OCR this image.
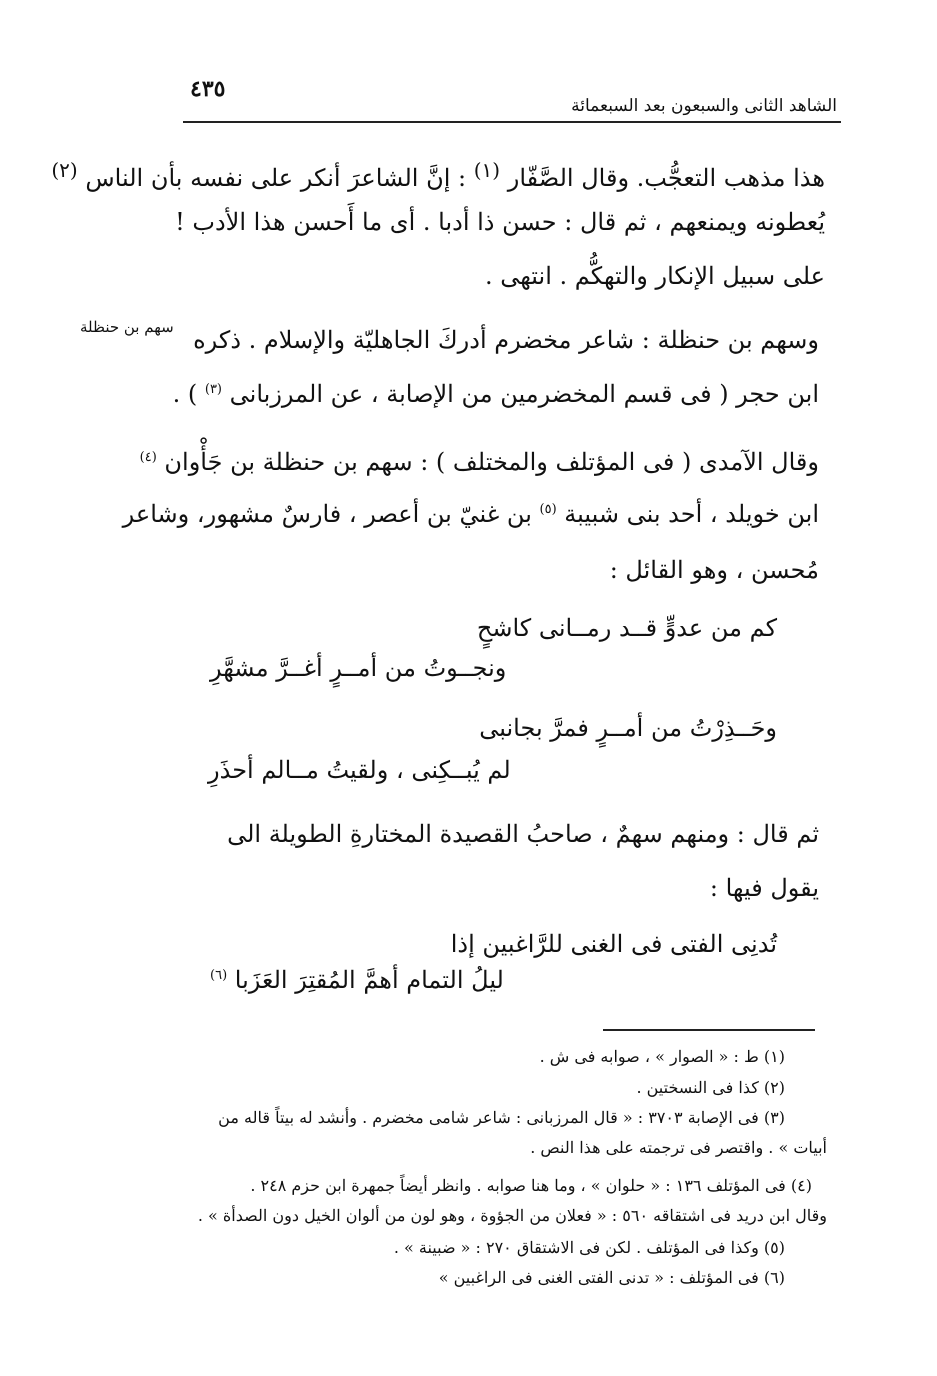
٤٣٥
الشاهد الثانى والسبعون بعد السبعمائة
هذا مذهب التعجُّب. وقال الصَّفّار $^{(١)}$ : إنَّ الشاعرَ أنكر على نفسه بأن الناس $^{(٢)}$
يُعطونه ويمنعهم ، ثم قال : حسن ذا أدبا . أى ما أَحسن هذا الأدب !
على سبيل الإنكار والتهكُّم . انتهى .
سهم بن حنظلة وسهم بن حنظلة : شاعر مخضرم أدركَ الجاهليّة والإسلام . ذكره
ابن حجر ( فى قسم المخضرمين من الإصابة ، عن المرزبانى $^{(٣)}$ ) .
وقال الآمدى ( فى المؤتلف والمختلف ) : سهم بن حنظلة بن جَأْوان $^{(٤)}$
ابن خويلد ، أحد بنى شبيبة $^{(٥)}$ بن غنيّ بن أعصر ، فارسٌ مشهور، وشاعر
مُحسن ، وهو القائل :
كم من عدوٍّ قــد رمــانى كاشحٍ
ونجــوتُ من أمــرٍ أغــرَّ مشهَّرِ
وحَــذِرْتُ من أمــرٍ فمرَّ بجانبى
لم يُبــكِنى ، ولقيتُ مــالم أحذَرِ
ثم قال : ومنهم سهمٌ ، صاحبُ القصيدة المختارةِ الطويلة الى
يقول فيها :
تُدنِى الفتى فى الغنى للرَّاغبين إذا
ليلُ التمام أهمَّ المُقتِرَ العَزَبا $^{(٦)}$
(١) ط : « الصوار » ، صوابه فى ش .
(٢) كذا فى النسختين .
(٣) فى الإصابة ٣٧٠٣ : « قال المرزبانى : شاعر شامى مخضرم . وأنشد له بيتاً قاله من
أبيات » . واقتصر فى ترجمته على هذا النص .
(٤) فى المؤتلف ١٣٦ : « حلوان » ، وما هنا صوابه . وانظر أيضاً جمهرة ابن حزم ٢٤٨ .
وقال ابن دريد فى اشتقاقه ٥٦٠ : « فعلان من الجؤوة ، وهو لون من ألوان الخيل دون الصدأة » .
(٥) وكذا فى المؤتلف . لكن فى الاشتقاق ٢٧٠ : « ضبينة » .
(٦) فى المؤتلف : « تدنى الفتى الغنى فى الراغبين »
